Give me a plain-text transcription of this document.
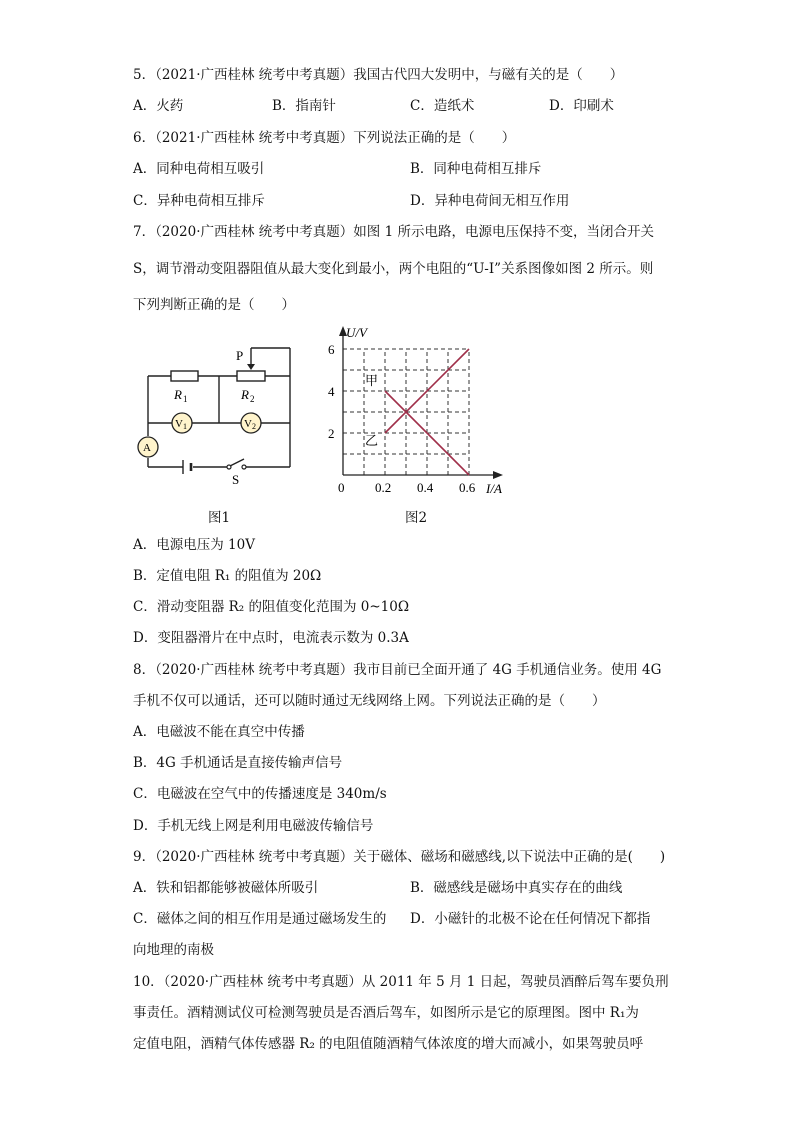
5．（2021·广西桂林 统考中考真题）我国古代四大发明中，与磁有关的是（　　）
A．火药	B．指南针	C．造纸术	D．印刷术
6．（2021·广西桂林 统考中考真题）下列说法正确的是（　　）
A．同种电荷相互吸引	B．同种电荷相互排斥
C．异种电荷相互排斥	D．异种电荷间无相互作用
7．（2020·广西桂林 统考中考真题）如图 1 所示电路，电源电压保持不变，当闭合开关
S，调节滑动变阻器阻值从最大变化到最小，两个电阻的“U-I”关系图像如图 2 所示。则
下列判断正确的是（　　）
P
R 1	R 2
V 1	V 2
A
S
图1
2
4
6
0.2 0.4 0.6
U/V
I/A
0
甲
乙
图2
A．电源电压为 10V
B．定值电阻 R₁ 的阻值为 20Ω
C．滑动变阻器 R₂ 的阻值变化范围为 0~10Ω
D．变阻器滑片在中点时，电流表示数为 0.3A
8．（2020·广西桂林 统考中考真题）我市目前已全面开通了 4G 手机通信业务。使用 4G
手机不仅可以通话，还可以随时通过无线网络上网。下列说法正确的是（　　）
A．电磁波不能在真空中传播
B．4G 手机通话是直接传输声信号
C．电磁波在空气中的传播速度是 340m/s
D．手机无线上网是利用电磁波传输信号
9．（2020·广西桂林 统考中考真题）关于磁体、磁场和磁感线,以下说法中正确的是(　　)
A．铁和铝都能够被磁体所吸引	B．磁感线是磁场中真实存在的曲线
C．磁体之间的相互作用是通过磁场发生的 D．小磁针的北极不论在任何情况下都指
向地理的南极
10．（2020·广西桂林 统考中考真题）从 2011 年 5 月 1 日起，驾驶员酒醉后驾车要负刑
事责任。酒精测试仪可检测驾驶员是否酒后驾车，如图所示是它的原理图。图中 R₁为
定值电阻，酒精气体传感器 R₂ 的电阻值随酒精气体浓度的增大而减小，如果驾驶员呼
